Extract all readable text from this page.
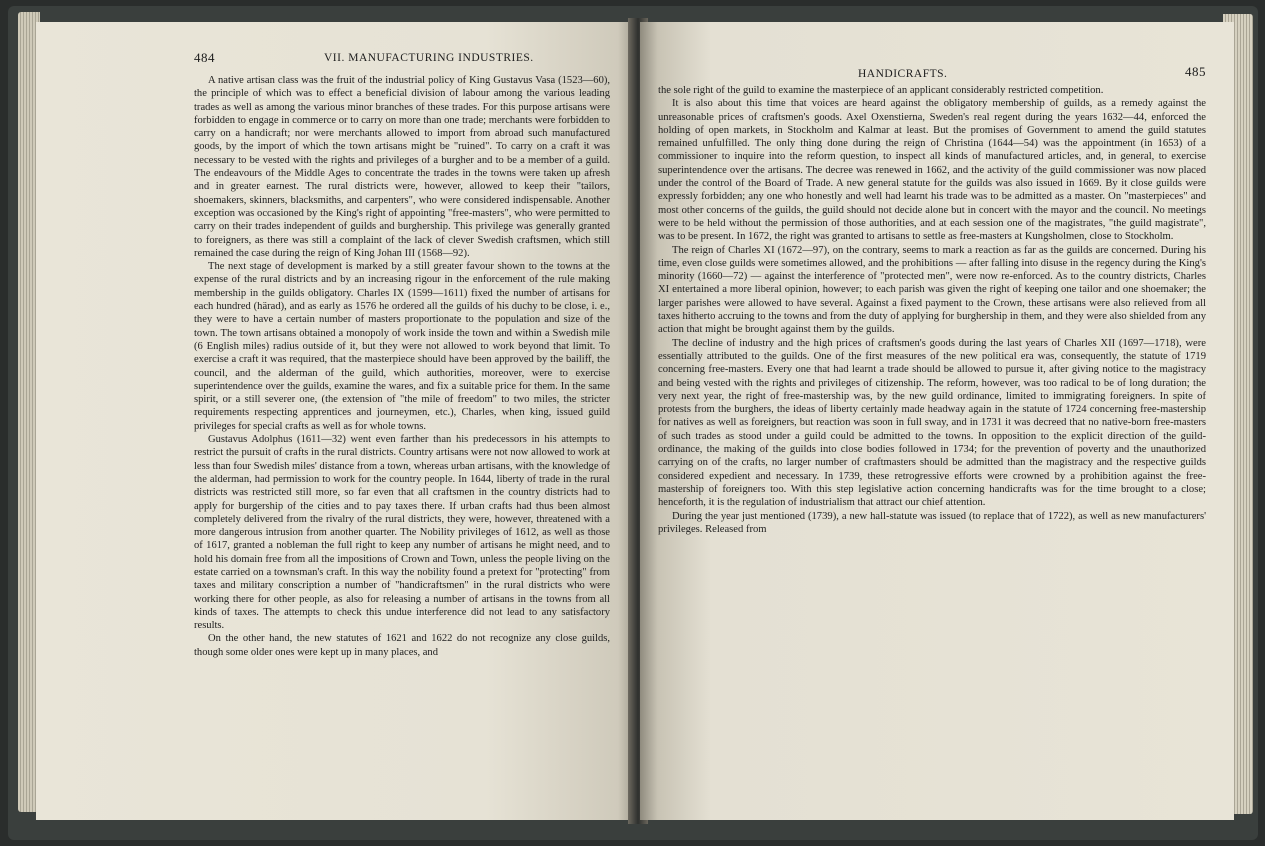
484	VII. MANUFACTURING INDUSTRIES.

A native artisan class was the fruit of the industrial policy of King Gustavus Vasa (1523—60), the principle of which was to effect a beneficial division of labour among the various leading trades as well as among the various minor branches of these trades. For this purpose artisans were forbidden to engage in commerce or to carry on more than one trade; merchants were forbidden to carry on a handicraft; nor were merchants allowed to import from abroad such manufactured goods, by the import of which the town artisans might be "ruined". To carry on a craft it was necessary to be vested with the rights and privileges of a burgher and to be a member of a guild. The endeavours of the Middle Ages to concentrate the trades in the towns were taken up afresh and in greater earnest. The rural districts were, however, allowed to keep their "tailors, shoemakers, skinners, blacksmiths, and carpenters", who were considered indispensable. Another exception was occasioned by the King's right of appointing "free-masters", who were permitted to carry on their trades independent of guilds and burghership. This privilege was generally granted to foreigners, as there was still a complaint of the lack of clever Swedish craftsmen, which still remained the case during the reign of King Johan III (1568—92).

The next stage of development is marked by a still greater favour shown to the towns at the expense of the rural districts and by an increasing rigour in the enforcement of the rule making membership in the guilds obligatory. Charles IX (1599—1611) fixed the number of artisans for each hundred (härad), and as early as 1576 he ordered all the guilds of his duchy to be close, i. e., they were to have a certain number of masters proportionate to the population and size of the town. The town artisans obtained a monopoly of work inside the town and within a Swedish mile (6 English miles) radius outside of it, but they were not allowed to work beyond that limit. To exercise a craft it was required, that the masterpiece should have been approved by the bailiff, the council, and the alderman of the guild, which authorities, moreover, were to exercise superintendence over the guilds, examine the wares, and fix a suitable price for them. In the same spirit, or a still severer one, (the extension of "the mile of freedom" to two miles, the stricter requirements respecting apprentices and journeymen, etc.), Charles, when king, issued guild privileges for special crafts as well as for whole towns.

Gustavus Adolphus (1611—32) went even farther than his predecessors in his attempts to restrict the pursuit of crafts in the rural districts. Country artisans were not now allowed to work at less than four Swedish miles' distance from a town, whereas urban artisans, with the knowledge of the alderman, had permission to work for the country people. In 1644, liberty of trade in the rural districts was restricted still more, so far even that all craftsmen in the country districts had to apply for burgership of the cities and to pay taxes there. If urban crafts had thus been almost completely delivered from the rivalry of the rural districts, they were, however, threatened with a more dangerous intrusion from another quarter. The Nobility privileges of 1612, as well as those of 1617, granted a nobleman the full right to keep any number of artisans he might need, and to hold his domain free from all the impositions of Crown and Town, unless the people living on the estate carried on a townsman's craft. In this way the nobility found a pretext for "protecting" from taxes and military conscription a number of "handicraftsmen" in the rural districts who were working there for other people, as also for releasing a number of artisans in the towns from all kinds of taxes. The attempts to check this undue interference did not lead to any satisfactory results.

On the other hand, the new statutes of 1621 and 1622 do not recognize any close guilds, though some older ones were kept up in many places, and

HANDICRAFTS.	485

the sole right of the guild to examine the masterpiece of an applicant considerably restricted competition.

It is also about this time that voices are heard against the obligatory membership of guilds, as a remedy against the unreasonable prices of craftsmen's goods. Axel Oxenstierna, Sweden's real regent during the years 1632—44, enforced the holding of open markets, in Stockholm and Kalmar at least. But the promises of Government to amend the guild statutes remained unfulfilled. The only thing done during the reign of Christina (1644—54) was the appointment (in 1653) of a commissioner to inquire into the reform question, to inspect all kinds of manufactured articles, and, in general, to exercise superintendence over the artisans. The decree was renewed in 1662, and the activity of the guild commissioner was now placed under the control of the Board of Trade. A new general statute for the guilds was also issued in 1669. By it close guilds were expressly forbidden; any one who honestly and well had learnt his trade was to be admitted as a master. On "masterpieces" and most other concerns of the guilds, the guild should not decide alone but in concert with the mayor and the council. No meetings were to be held without the permission of those authorities, and at each session one of the magistrates, "the guild magistrate", was to be present. In 1672, the right was granted to artisans to settle as free-masters at Kungsholmen, close to Stockholm.

The reign of Charles XI (1672—97), on the contrary, seems to mark a reaction as far as the guilds are concerned. During his time, even close guilds were sometimes allowed, and the prohibitions — after falling into disuse in the regency during the King's minority (1660—72) — against the interference of "protected men", were now re-enforced. As to the country districts, Charles XI entertained a more liberal opinion, however; to each parish was given the right of keeping one tailor and one shoemaker; the larger parishes were allowed to have several. Against a fixed payment to the Crown, these artisans were also relieved from all taxes hitherto accruing to the towns and from the duty of applying for burghership in them, and they were also shielded from any action that might be brought against them by the guilds.

The decline of industry and the high prices of craftsmen's goods during the last years of Charles XII (1697—1718), were essentially attributed to the guilds. One of the first measures of the new political era was, consequently, the statute of 1719 concerning free-masters. Every one that had learnt a trade should be allowed to pursue it, after giving notice to the magistracy and being vested with the rights and privileges of citizenship. The reform, however, was too radical to be of long duration; the very next year, the right of free-mastership was, by the new guild ordinance, limited to immigrating foreigners. In spite of protests from the burghers, the ideas of liberty certainly made headway again in the statute of 1724 concerning free-mastership for natives as well as foreigners, but reaction was soon in full sway, and in 1731 it was decreed that no native-born free-masters of such trades as stood under a guild could be admitted to the towns. In opposition to the explicit direction of the guild-ordinance, the making of the guilds into close bodies followed in 1734; for the prevention of poverty and the unauthorized carrying on of the crafts, no larger number of craftmasters should be admitted than the magistracy and the respective guilds considered expedient and necessary. In 1739, these retrogressive efforts were crowned by a prohibition against the free-mastership of foreigners too. With this step legislative action concerning handicrafts was for the time brought to a close; henceforth, it is the regulation of industrialism that attract our chief attention.

During the year just mentioned (1739), a new hall-statute was issued (to replace that of 1722), as well as new manufacturers' privileges. Released from
